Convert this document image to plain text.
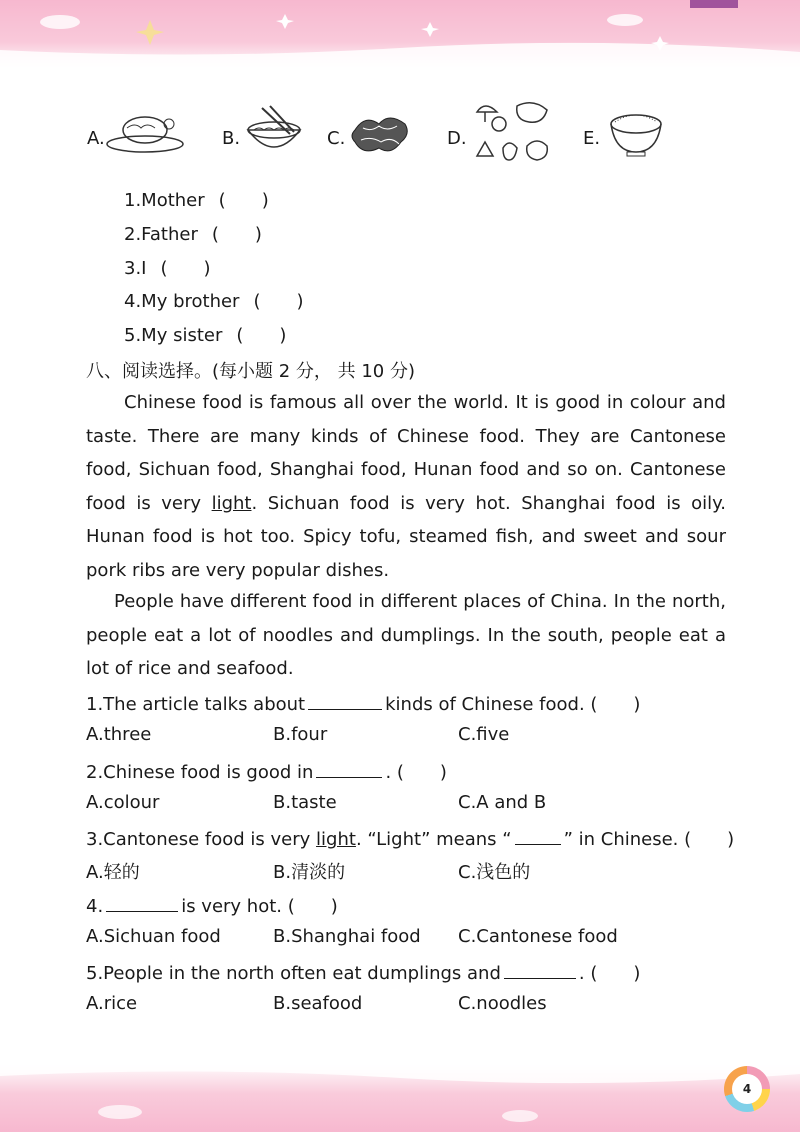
A.	B.	C.	D.	E.
1.Mother (　　)
2.Father (　　)
3.I (　　)
4.My brother (　　)
5.My sister (　　)
八、阅读选择。(每小题 2 分， 共 10 分)
Chinese food is famous all over the world. It is good in colour and taste. There are many kinds of Chinese food. They are Cantonese food, Sichuan food, Shanghai food, Hunan food and so on. Cantonese food is very light. Sichuan food is very hot. Shanghai food is oily. Hunan food is hot too. Spicy tofu, steamed fish, and sweet and sour pork ribs are very popular dishes.
People have different food in different places of China. In the north, people eat a lot of noodles and dumplings. In the south, people eat a lot of rice and seafood.
1.The article talks about	kinds of Chinese food. (　　)
A.three	B.four	C.five
2.Chinese food is good in	. (　　)
A.colour	B.taste	C.A and B
3.Cantonese food is very light. “Light” means “	” in Chinese. (　　)
A.轻的	B.清淡的	C.浅色的
4.	is very hot. (　　)
A.Sichuan food	B.Shanghai food C.Cantonese food
5.People in the north often eat dumplings and	. (　　)
A.rice	B.seafood	C.noodles
4
